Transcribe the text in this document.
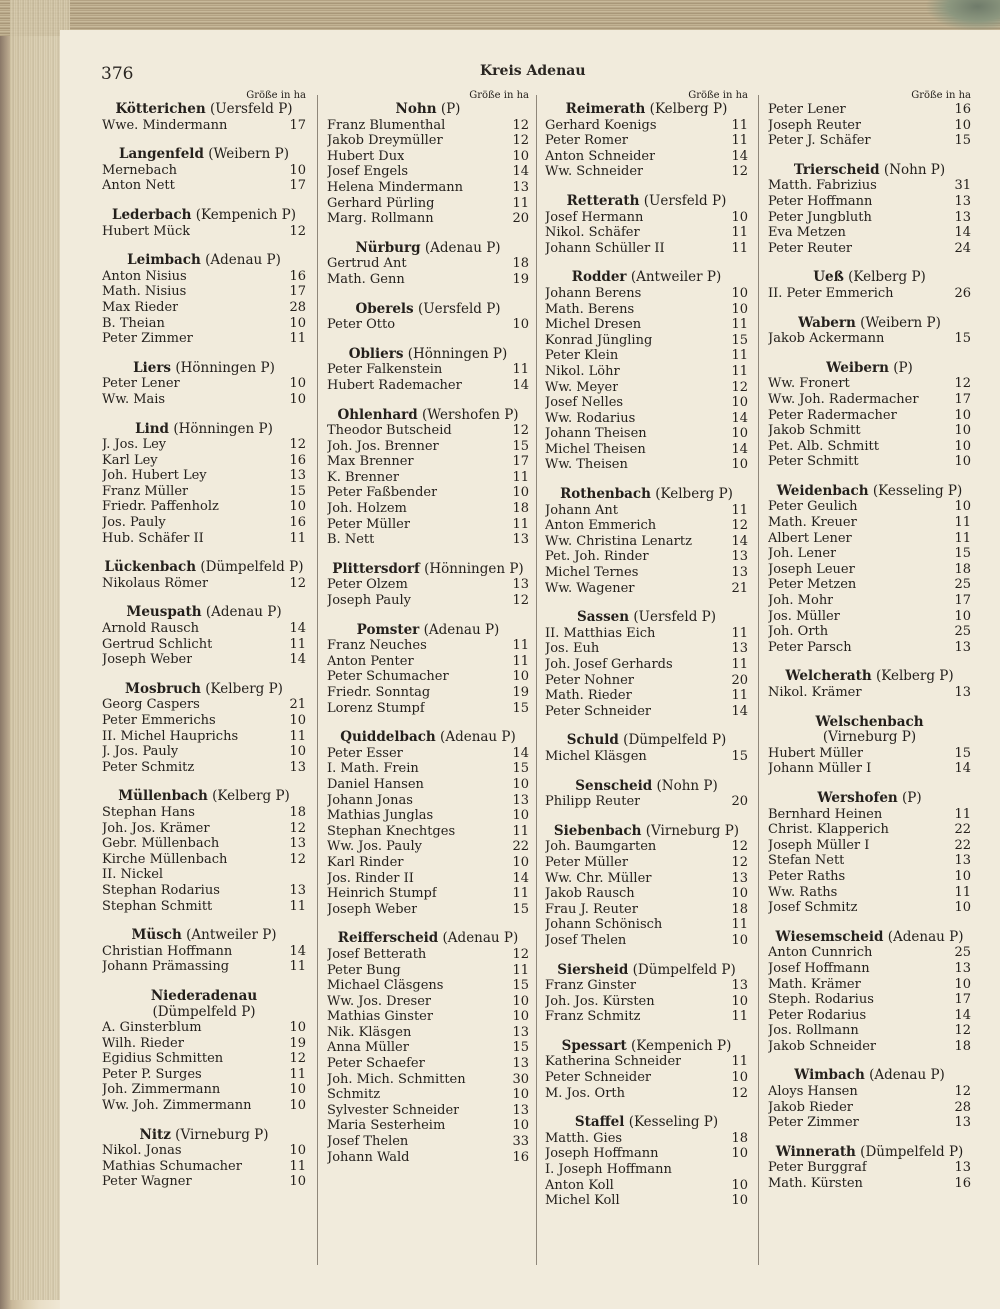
376	Kreis Adenau
Größe in ha
Kötterichen (Uersfeld P)
Wwe. Mindermann	17
Langenfeld (Weibern P)
Mernebach	10
Anton Nett	17
Lederbach (Kempenich P)
Hubert Mück	12
Leimbach (Adenau P)
Anton Nisius	16
Math. Nisius	17
Max Rieder	28
B. Theian	10
Peter Zimmer	11
Liers (Hönningen P)
Peter Lener	10
Ww. Mais	10
Lind (Hönningen P)
J. Jos. Ley	12
Karl Ley	16
Joh. Hubert Ley	13
Franz Müller	15
Friedr. Paffenholz	10
Jos. Pauly	16
Hub. Schäfer II	11
Lückenbach (Dümpelfeld P)
Nikolaus Römer	12
Meuspath (Adenau P)
Arnold Rausch	14
Gertrud Schlicht	11
Joseph Weber	14
Mosbruch (Kelberg P)
Georg Caspers	21
Peter Emmerichs	10
II. Michel Hauprichs	11
J. Jos. Pauly	10
Peter Schmitz	13
Müllenbach (Kelberg P)
Stephan Hans	18
Joh. Jos. Krämer	12
Gebr. Müllenbach	13
Kirche Müllenbach	12
II. Nickel
Stephan Rodarius	13
Stephan Schmitt	11
Müsch (Antweiler P)
Christian Hoffmann	14
Johann Prämassing	11
Niederadenau
(Dümpelfeld P)
A. Ginsterblum	10
Wilh. Rieder	19
Egidius Schmitten	12
Peter P. Surges	11
Joh. Zimmermann	10
Ww. Joh. Zimmermann	10
Nitz (Virneburg P)
Nikol. Jonas	10
Mathias Schumacher	11
Peter Wagner	10
Größe in ha
Nohn (P)
Franz Blumenthal	12
Jakob Dreymüller	12
Hubert Dux	10
Josef Engels	14
Helena Mindermann	13
Gerhard Pürling	11
Marg. Rollmann	20
Nürburg (Adenau P)
Gertrud Ant	18
Math. Genn	19
Oberels (Uersfeld P)
Peter Otto	10
Obliers (Hönningen P)
Peter Falkenstein	11
Hubert Rademacher	14
Ohlenhard (Wershofen P)
Theodor Butscheid	12
Joh. Jos. Brenner	15
Max Brenner	17
K. Brenner	11
Peter Faßbender	10
Joh. Holzem	18
Peter Müller	11
B. Nett	13
Plittersdorf (Hönningen P)
Peter Olzem	13
Joseph Pauly	12
Pomster (Adenau P)
Franz Neuches	11
Anton Penter	11
Peter Schumacher	10
Friedr. Sonntag	19
Lorenz Stumpf	15
Quiddelbach (Adenau P)
Peter Esser	14
I. Math. Frein	15
Daniel Hansen	10
Johann Jonas	13
Mathias Junglas	10
Stephan Knechtges	11
Ww. Jos. Pauly	22
Karl Rinder	10
Jos. Rinder II	14
Heinrich Stumpf	11
Joseph Weber	15
Reifferscheid (Adenau P)
Josef Betterath	12
Peter Bung	11
Michael Cläsgens	15
Ww. Jos. Dreser	10
Mathias Ginster	10
Nik. Kläsgen	13
Anna Müller	15
Peter Schaefer	13
Joh. Mich. Schmitten	30
Schmitz	10
Sylvester Schneider	13
Maria Sesterheim	10
Josef Thelen	33
Johann Wald	16
Größe in ha
Reimerath (Kelberg P)
Gerhard Koenigs	11
Peter Romer	11
Anton Schneider	14
Ww. Schneider	12
Retterath (Uersfeld P)
Josef Hermann	10
Nikol. Schäfer	11
Johann Schüller II	11
Rodder (Antweiler P)
Johann Berens	10
Math. Berens	10
Michel Dresen	11
Konrad Jüngling	15
Peter Klein	11
Nikol. Löhr	11
Ww. Meyer	12
Josef Nelles	10
Ww. Rodarius	14
Johann Theisen	10
Michel Theisen	14
Ww. Theisen	10
Rothenbach (Kelberg P)
Johann Ant	11
Anton Emmerich	12
Ww. Christina Lenartz	14
Pet. Joh. Rinder	13
Michel Ternes	13
Ww. Wagener	21
Sassen (Uersfeld P)
II. Matthias Eich	11
Jos. Euh	13
Joh. Josef Gerhards	11
Peter Nohner	20
Math. Rieder	11
Peter Schneider	14
Schuld (Dümpelfeld P)
Michel Kläsgen	15
Senscheid (Nohn P)
Philipp Reuter	20
Siebenbach (Virneburg P)
Joh. Baumgarten	12
Peter Müller	12
Ww. Chr. Müller	13
Jakob Rausch	10
Frau J. Reuter	18
Johann Schönisch	11
Josef Thelen	10
Siersheid (Dümpelfeld P)
Franz Ginster	13
Joh. Jos. Kürsten	10
Franz Schmitz	11
Spessart (Kempenich P)
Katherina Schneider	11
Peter Schneider	10
M. Jos. Orth	12
Staffel (Kesseling P)
Matth. Gies	18
Joseph Hoffmann	10
I. Joseph Hoffmann
Anton Koll	10
Michel Koll	10
Größe in ha
Peter Lener	16
Joseph Reuter	10
Peter J. Schäfer	15
Trierscheid (Nohn P)
Matth. Fabrizius	31
Peter Hoffmann	13
Peter Jungbluth	13
Eva Metzen	14
Peter Reuter	24
Ueß (Kelberg P)
II. Peter Emmerich	26
Wabern (Weibern P)
Jakob Ackermann	15
Weibern (P)
Ww. Fronert	12
Ww. Joh. Radermacher	17
Peter Radermacher	10
Jakob Schmitt	10
Pet. Alb. Schmitt	10
Peter Schmitt	10
Weidenbach (Kesseling P)
Peter Geulich	10
Math. Kreuer	11
Albert Lener	11
Joh. Lener	15
Joseph Leuer	18
Peter Metzen	25
Joh. Mohr	17
Jos. Müller	10
Joh. Orth	25
Peter Parsch	13
Welcherath (Kelberg P)
Nikol. Krämer	13
Welschenbach
(Virneburg P)
Hubert Müller	15
Johann Müller I	14
Wershofen (P)
Bernhard Heinen	11
Christ. Klapperich	22
Joseph Müller I	22
Stefan Nett	13
Peter Raths	10
Ww. Raths	11
Josef Schmitz	10
Wiesemscheid (Adenau P)
Anton Cunnrich	25
Josef Hoffmann	13
Math. Krämer	10
Steph. Rodarius	17
Peter Rodarius	14
Jos. Rollmann	12
Jakob Schneider	18
Wimbach (Adenau P)
Aloys Hansen	12
Jakob Rieder	28
Peter Zimmer	13
Winnerath (Dümpelfeld P)
Peter Burggraf	13
Math. Kürsten	16
